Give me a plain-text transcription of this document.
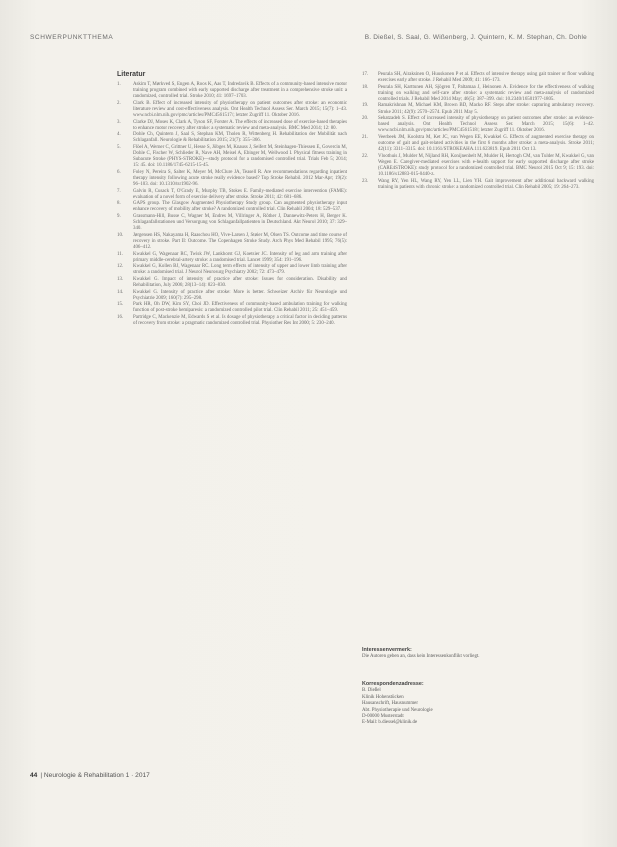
SCHWERPUNKTTHEMA	B. Dießel, S. Saal, G. Wißenberg, J. Quintern, K. M. Stephan, Ch. Dohle
Literatur
1.	Askim T, Mørkved S, Engen A, Roos K, Aas T, Indredavik B. Effects of a community-based intensive motor training program combined with early supported discharge after treatment in a comprehensive stroke unit: a randomized, controlled trial. Stroke 2010; 41: 1697–1703.
2.	Clark B. Effect of increased intensity of physiotherapy on patient outcomes after stroke: an economic literature review and cost-effectiveness analysis. Ont Health Technol Assess Ser. March 2015; 15(7): 1–43. www.ncbi.nlm.nih.gov/pmc/articles/PMC4561517/; letzter Zugriff 11. Oktober 2016.
3.	Clarke DJ, Moses K, Clark A, Tyson SF, Forster A. The effects of increased dose of exercise-based therapies to enhance motor recovery after stroke: a systematic review and meta-analysis. BMC Med 2014; 12: 80.
4.	Dohle Ch, Quintern J, Saal S, Stephan KM, Tholen R, Wittenberg H. Rehabilitation der Mobilität nach Schlaganfall. Neurologie & Rehabilitation 2015; 21(7): 355–366.
5.	Flöel A, Werner C, Grittner U, Hesse S, Jöbges M, Knauss J, Seifert M, Steinhagen-Thiessen E, Govercin M, Dohle C, Fischer W, Schlieder R, Nave AH, Meisel A, Ebinger M, Wellwood I. Physical fitness training in Subacute Stroke (PHYS-STROKE)—study protocol for a randomised controlled trial. Trials Feb 5; 2014; 15: 45. doi: 10.1186/1745-6215-15-45.
6.	Foley N, Pereira S, Salter K, Meyer M, McClure JA, Teasell R. Are recommendations regarding inpatient therapy intensity following acute stroke really evidence based? Top Stroke Rehabil. 2012 Mar-Apr; 19(2): 96–103. doi: 10.1310/tsr1902-96.
7.	Galvin R, Cusack T, O'Grady E, Murphy TB, Stokes E. Family-mediated exercise intervention (FAME): evaluation of a novel form of exercise delivery after stroke. Stroke 2011; 42: 681–686.
8.	GAPS group. The Glasgow Augmented Physiotherapy Study group. Can augmented physiotherapy input enhance recovery of mobility after stroke? A randomized controlled trial. Clin Rehabil 2004; 18: 529–537.
9.	Grassmann-Hill, Busse C, Wagner M, Endres M, Villringer A, Röther J, Dannewitz-Peters H, Berger K. Schlaganfallstationen und Versorgung von Schlaganfallpatienten in Deutschland. Akt Neurol 2010; 37: 329–340.
10. Jørgensen HS, Nakayama H, Raaschou HO, Vive-Larsen J, Støier M, Olsen TS. Outcome and time course of recovery in stroke. Part II: Outcome. The Copenhagen Stroke Study. Arch Phys Med Rehabil 1995; 76(5): 406–412.
11. Kwakkel G, Wagenaar RC, Twisk JW, Lankhorst GJ, Koetsier JC. Intensity of leg and arm training after primary middle-cerebral-artery stroke: a randomised trial. Lancet 1999; 354: 191–196.
12. Kwakkel G, Kollen BJ, Wagenaar RC. Long term effects of intensity of upper and lower limb training after stroke: a randomised trial. J Neurol Neurosurg Psychiatry 2002; 72: 473–479.
13. Kwakkel G. Impact of intensity of practice after stroke: Issues for consideration. Disability and Rehabilitation, July 2006; 28(13–14): 823–830.
14. Kwakkel G. Intensity of practice after stroke: More is better. Schweizer Archiv für Neurologie und Psychiatrie 2009; 160(7): 295–298.
15. Park HR, Oh DW, Kim SY, Choi JD. Effectiveness of community-based ambulation training for walking function of post-stroke hemiparesis: a randomized controlled pilot trial. Clin Rehabil 2011; 25: 451–459.
16. Partridge C, Mackenzie M, Edwards S et al. Is dosage of physiotherapy a critical factor in deciding patterns of recovery from stroke: a pragmatic randomized controlled trial. Physiother Res Int 2000; 5: 230–240.
17. Peurala SH, Airaksinen O, Huuskonen P et al. Effects of intensive therapy using gait trainer or floor walking exercises early after stroke. J Rehabil Med 2009; 41: 166–173.
18. Peurala SH, Karttunen AH, Sjögren T, Paltamaa J, Heinonen A. Evidence for the effectiveness of walking training on walking and self-care after stroke: a systematic review and meta-analysis of randomized controlled trials. J Rehabil Med 2014 May; 46(5): 387–399. doi: 10.2340/16501977-1805.
19. Ramakrishnan M, Michael KM, Brown BD, Macko RF. Steps after stroke: capturing ambulatory recovery. Stroke 2011; 42(9): 2570–2574. Epub 2011 May 5.
20. Sehatzadeh S. Effect of increased intensity of physiotherapy on patient outcomes after stroke: an evidence-based analysis. Ont Health Technol Assess Ser. March 2015; 15(6): 1–42. www.ncbi.nlm.nih.gov/pmc/articles/PMC4561518/; letzter Zugriff 11. Oktober 2016.
21. Veerbeek JM, Koolstra M, Ket JC, van Wegen EE, Kwakkel G. Effects of augmented exercise therapy on outcome of gait and gait-related activities in the first 6 months after stroke: a meta-analysis. Stroke 2011; 42(11): 3311–3315. doi: 10.1161/STROKEAHA.111.623819. Epub 2011 Oct 13.
22. Vloothuis J, Mulder M, Nijland RH, Konijnenbelt M, Mulder H, Hertogh CM, van Tulder M, Kwakkel G, van Wegen E. Caregiver-mediated exercises with e-health support for early supported discharge after stroke (CARE4STROKE): study protocol for a randomized controlled trial. BMC Neurol 2015 Oct 9; 15: 193. doi: 10.1186/s12883-015-0440-z.
23. Wang RY, Yen HL, Wang RY, Yen LL, Lien YH. Gait improvement after additional backward walking training in patients with chronic stroke: a randomized controlled trial. Clin Rehabil 2005; 19: 264–273.
Interessenvermerk:
Die Autoren geben an, dass kein Interessenkonflikt vorliegt.
Korrespondenzadresse:
B. Dießel
Klinik Hohenstücken
Hausanschrift, Hausnummer
Abt. Physiotherapie und Neurologie
D-00000 Musterstadt
E-Mail: b.diessel@klinik.de
44 | Neurologie & Rehabilitation 1 · 2017
